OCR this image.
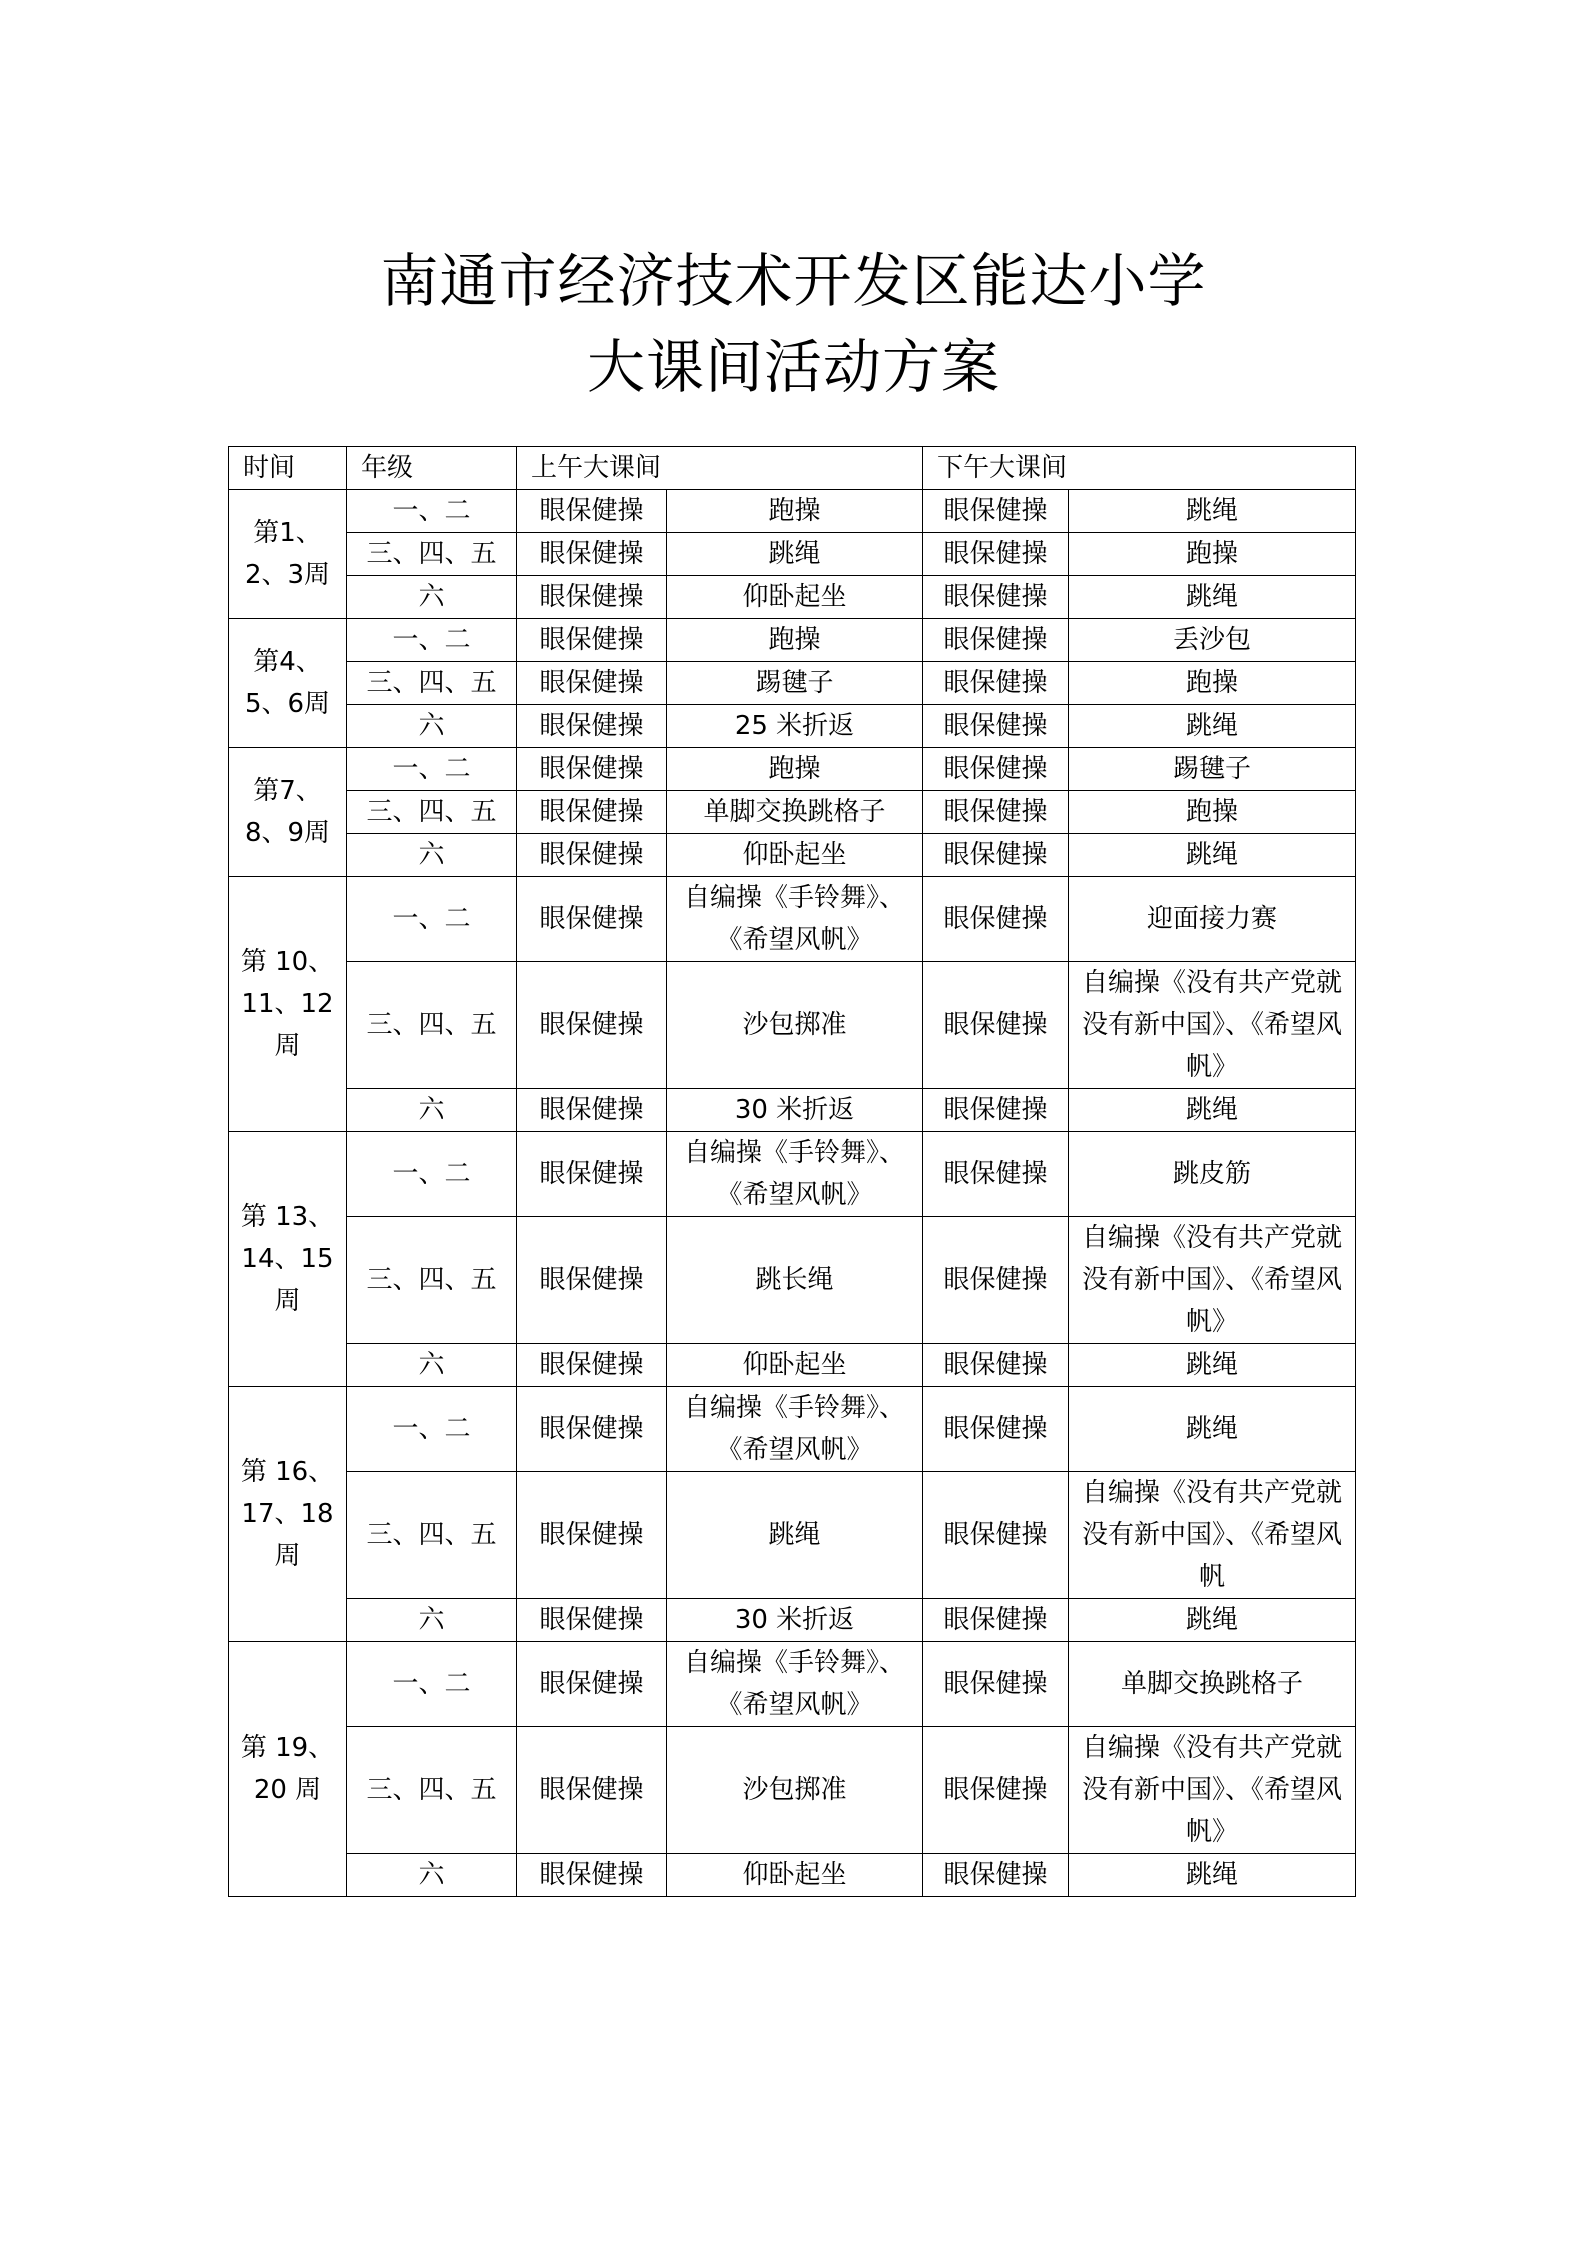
南通市经济技术开发区能达小学
大课间活动方案
时间	年级	上午大课间		下午大课间	

第1、2、3周	一、二	眼保健操	跑操	眼保健操	跳绳
	三、四、五	眼保健操	跳绳	眼保健操	跑操
	六	眼保健操	仰卧起坐	眼保健操	跳绳

第4、5、6周	一、二	眼保健操	跑操	眼保健操	丢沙包
	三、四、五	眼保健操	踢毽子	眼保健操	跑操
	六	眼保健操	25 米折返	眼保健操	跳绳

第7、8、9周	一、二	眼保健操	跑操	眼保健操	踢毽子
	三、四、五	眼保健操	单脚交换跳格子	眼保健操	跑操
	六	眼保健操	仰卧起坐	眼保健操	跳绳

第 10、11、12周	一、二	眼保健操	自编操《手铃舞》、《希望风帆》	眼保健操	迎面接力赛
	三、四、五	眼保健操	沙包掷准	眼保健操	自编操《没有共产党就没有新中国》、《希望风帆》

	六	眼保健操	30 米折返	眼保健操	跳绳

第 13、14、15周	一、二	眼保健操	自编操《手铃舞》、《希望风帆》	眼保健操	跳皮筋
	三、四、五	眼保健操	跳长绳	眼保健操	自编操《没有共产党就没有新中国》、《希望风帆》

	六	眼保健操	仰卧起坐	眼保健操	跳绳

第 16、17、18周	一、二	眼保健操	自编操《手铃舞》、《希望风帆》	眼保健操	跳绳
	三、四、五	眼保健操	跳绳	眼保健操	自编操《没有共产党就没有新中国》、《希望风帆

	六	眼保健操	30 米折返	眼保健操	跳绳

第 19、20 周	一、二	眼保健操	自编操《手铃舞》、《希望风帆》	眼保健操	单脚交换跳格子
	三、四、五	眼保健操	沙包掷准	眼保健操	自编操《没有共产党就没有新中国》、《希望风帆》

	六	眼保健操	仰卧起坐	眼保健操	跳绳
